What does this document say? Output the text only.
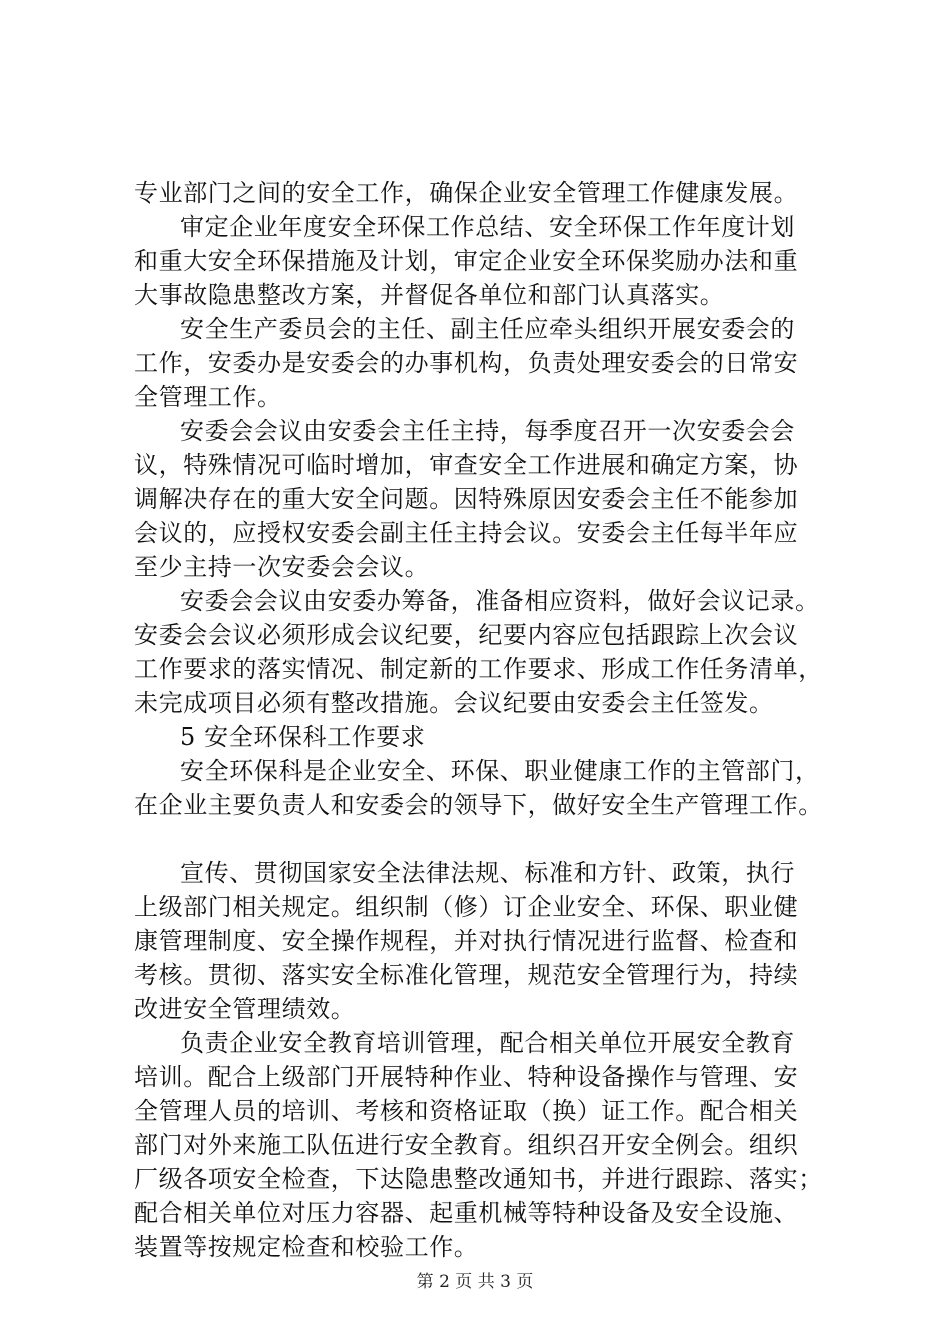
专业部门之间的安全工作，确保企业安全管理工作健康发展。
审定企业年度安全环保工作总结、安全环保工作年度计划
和重大安全环保措施及计划，审定企业安全环保奖励办法和重
大事故隐患整改方案，并督促各单位和部门认真落实。
安全生产委员会的主任、副主任应牵头组织开展安委会的
工作，安委办是安委会的办事机构，负责处理安委会的日常安
全管理工作。
安委会会议由安委会主任主持，每季度召开一次安委会会
议，特殊情况可临时增加，审查安全工作进展和确定方案，协
调解决存在的重大安全问题。因特殊原因安委会主任不能参加
会议的，应授权安委会副主任主持会议。安委会主任每半年应
至少主持一次安委会会议。
安委会会议由安委办筹备，准备相应资料，做好会议记录。
安委会会议必须形成会议纪要，纪要内容应包括跟踪上次会议
工作要求的落实情况、制定新的工作要求、形成工作任务清单，
未完成项目必须有整改措施。会议纪要由安委会主任签发。
5 安全环保科工作要求
安全环保科是企业安全、环保、职业健康工作的主管部门，
在企业主要负责人和安委会的领导下，做好安全生产管理工作。
宣传、贯彻国家安全法律法规、标准和方针、政策，执行
上级部门相关规定。组织制（修）订企业安全、环保、职业健
康管理制度、安全操作规程，并对执行情况进行监督、检查和
考核。贯彻、落实安全标准化管理，规范安全管理行为，持续
改进安全管理绩效。
负责企业安全教育培训管理，配合相关单位开展安全教育
培训。配合上级部门开展特种作业、特种设备操作与管理、安
全管理人员的培训、考核和资格证取（换）证工作。配合相关
部门对外来施工队伍进行安全教育。组织召开安全例会。组织
厂级各项安全检查，下达隐患整改通知书，并进行跟踪、落实；
配合相关单位对压力容器、起重机械等特种设备及安全设施、
装置等按规定检查和校验工作。
第 2 页 共 3 页
